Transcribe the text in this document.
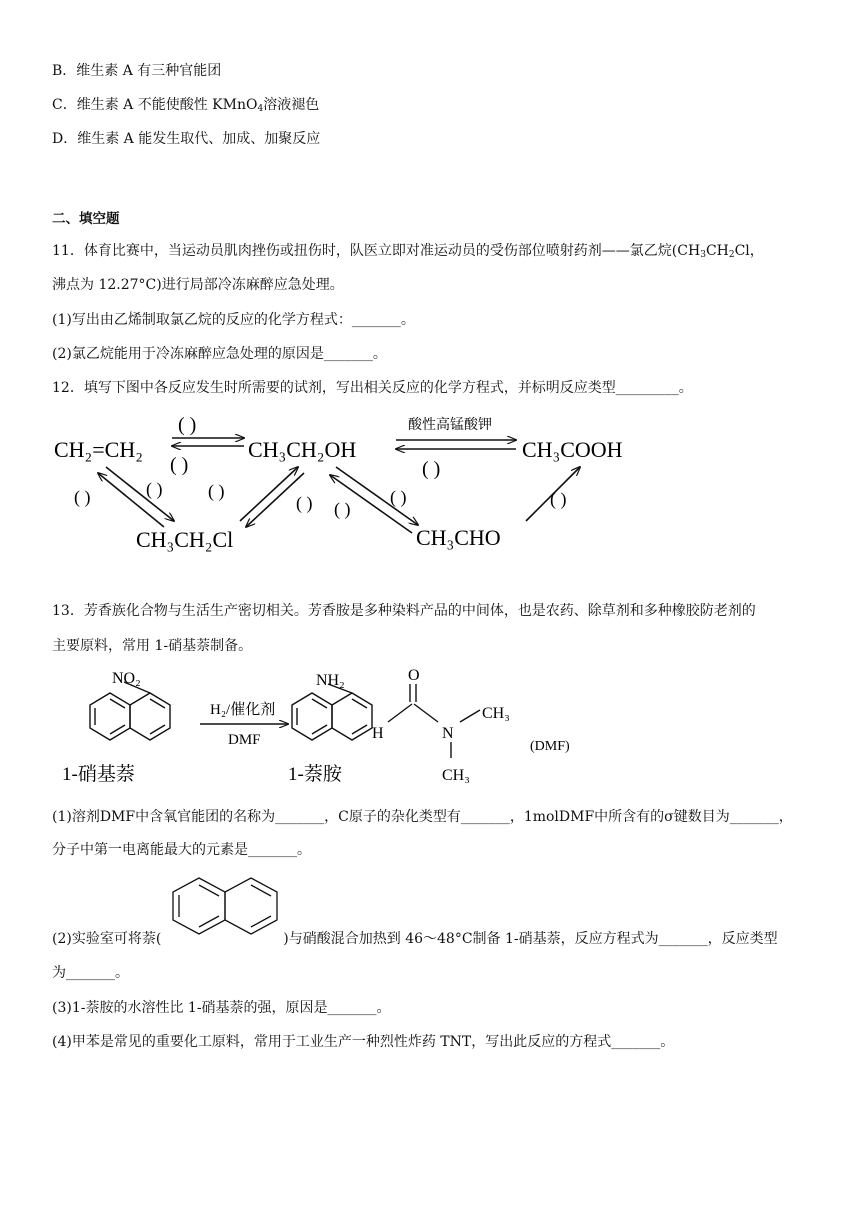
B．维生素 A 有三种官能团
C．维生素 A 不能使酸性 KMnO$_4$溶液褪色
D．维生素 A 能发生取代、加成、加聚反应
二、填空题
11．体育比赛中，当运动员肌肉挫伤或扭伤时，队医立即对准运动员的受伤部位喷射药剂——氯乙烷($CH_3CH_2Cl$，
沸点为 12.27°C)进行局部冷冻麻醉应急处理。
(1)写出由乙烯制取氯乙烷的反应的化学方程式：_______。
(2)氯乙烷能用于冷冻麻醉应急处理的原因是_______。
12．填写下图中各反应发生时所需要的试剂，写出相关反应的化学方程式，并标明反应类型_________。
CH₂=CH₂	CH₃CH₂OH	CH₃COOH
CH₃CH₂Cl	CH₃CHO
( )
( )
酸性高锰酸钾
( )
( )	( )	( )
( ) ( )
( )	( )
13．芳香族化合物与生活生产密切相关。芳香胺是多种染料产品的中间体，也是农药、除草剂和多种橡胶防老剂的
主要原料，常用 1-硝基萘制备。
NO₂
1-硝基萘
H₂/催化剂
DMF
NH₂
1-萘胺
O
H	N
CH₃
CH₃
(DMF)
(1)溶剂DMF中含氧官能团的名称为_______，C原子的杂化类型有_______，1molDMF中所含有的σ键数目为_______，
分子中第一电离能最大的元素是_______。
(2)实验室可将萘(	)与硝酸混合加热到 46～48°C制备 1-硝基萘，反应方程式为_______，反应类型
为_______。
(3)1-萘胺的水溶性比 1-硝基萘的强，原因是_______。
(4)甲苯是常见的重要化工原料，常用于工业生产一种烈性炸药 TNT，写出此反应的方程式_______。
